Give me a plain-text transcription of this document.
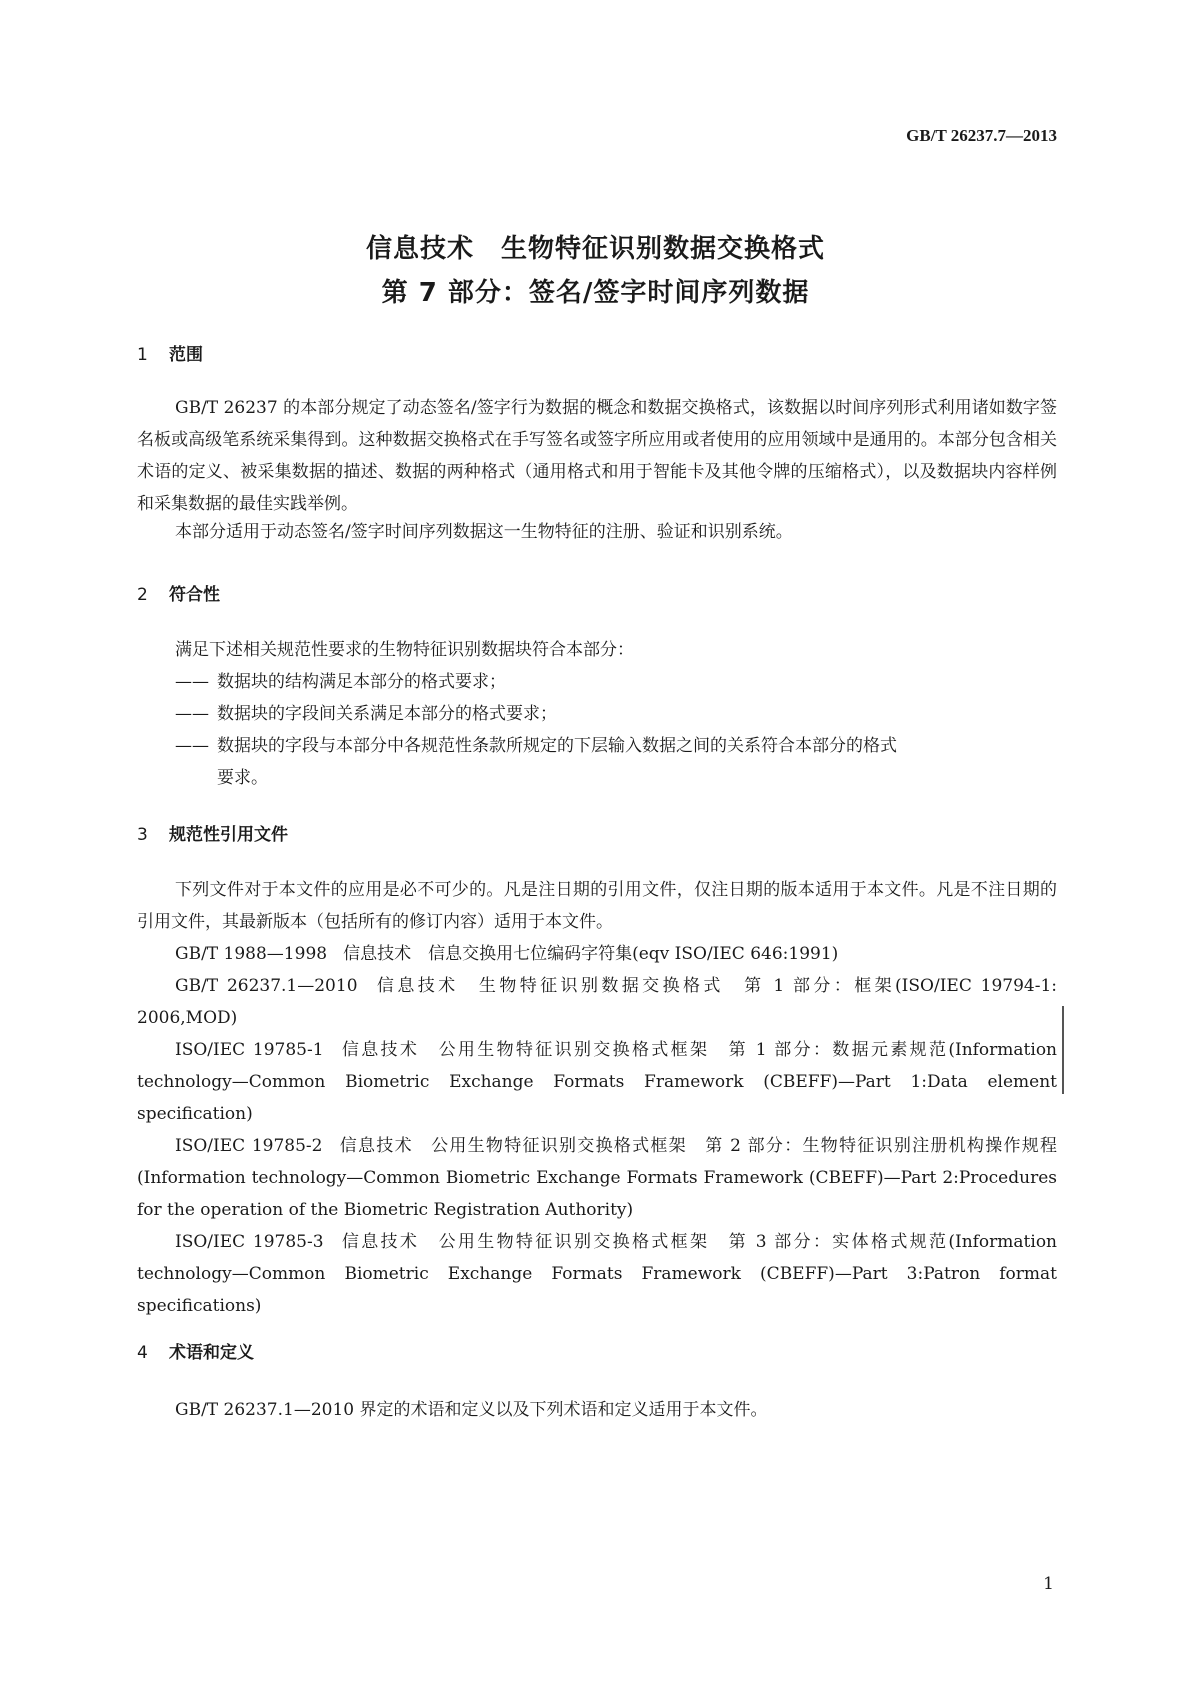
GB/T 26237.7—2013
信息技术　生物特征识别数据交换格式
第 7 部分：签名/签字时间序列数据
1 范围

GB/T 26237 的本部分规定了动态签名/签字行为数据的概念和数据交换格式，该数据以时间序列形式利用诸如数字签名板或高级笔系统采集得到。这种数据交换格式在手写签名或签字所应用或者使用的应用领域中是通用的。本部分包含相关术语的定义、被采集数据的描述、数据的两种格式（通用格式和用于智能卡及其他令牌的压缩格式），以及数据块内容样例和采集数据的最佳实践举例。

本部分适用于动态签名/签字时间序列数据这一生物特征的注册、验证和识别系统。

2 符合性
满足下述相关规范性要求的生物特征识别数据块符合本部分：
—— 数据块的结构满足本部分的格式要求；
—— 数据块的字段间关系满足本部分的格式要求；
—— 数据块的字段与本部分中各规范性条款所规定的下层输入数据之间的关系符合本部分的格式
要求。
3 规范性引用文件

下列文件对于本文件的应用是必不可少的。凡是注日期的引用文件，仅注日期的版本适用于本文件。凡是不注日期的引用文件，其最新版本（包括所有的修订内容）适用于本文件。

GB/T 1988—1998 信息技术　信息交换用七位编码字符集(eqv ISO/IEC 646:1991)

GB/T 26237.1—2010 信息技术　生物特征识别数据交换格式　第 1 部分：框架(ISO/IEC 19794-1: 2006,MOD)

ISO/IEC 19785-1 信息技术　公用生物特征识别交换格式框架　第 1 部分：数据元素规范(Information technology—Common Biometric Exchange Formats Framework (CBEFF)—Part 1:Data element specification)

ISO/IEC 19785-2 信息技术　公用生物特征识别交换格式框架　第 2 部分：生物特征识别注册机构操作规程(Information technology—Common Biometric Exchange Formats Framework (CBEFF)—Part 2:Procedures for the operation of the Biometric Registration Authority)

ISO/IEC 19785-3 信息技术　公用生物特征识别交换格式框架　第 3 部分：实体格式规范(Information technology—Common Biometric Exchange Formats Framework (CBEFF)—Part 3:Patron format specifications)

4 术语和定义

GB/T 26237.1—2010 界定的术语和定义以及下列术语和定义适用于本文件。

1
